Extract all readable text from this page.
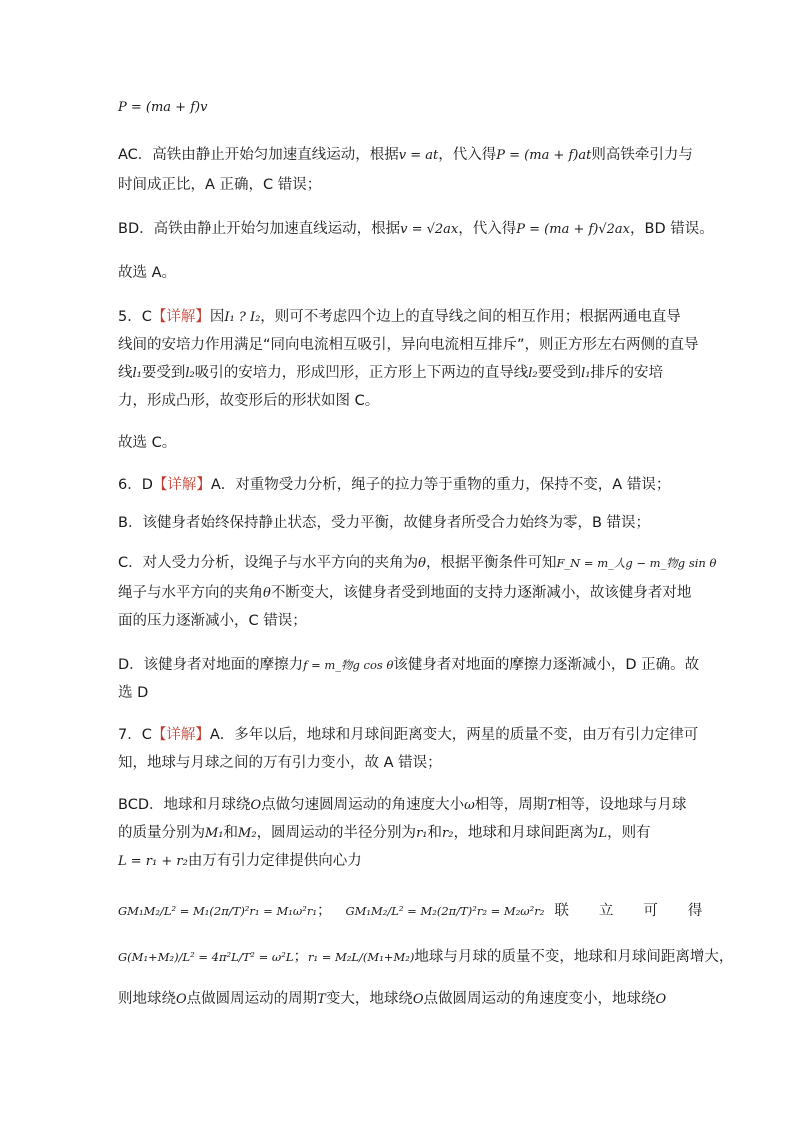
P = (ma + f)v
AC．高铁由静止开始匀加速直线运动，根据v = at，代入得P = (ma + f)at则高铁牵引力与
时间成正比，A 正确，C 错误；
BD．高铁由静止开始匀加速直线运动，根据v = √2ax，代入得P = (ma + f)√2ax，BD 错误。
故选 A。
5．C【详解】因I₁ ? I₂，则可不考虑四个边上的直导线之间的相互作用；根据两通电直导
线间的安培力作用满足“同向电流相互吸引，异向电流相互排斥”，则正方形左右两侧的直导
线l₁要受到l₂吸引的安培力，形成凹形，正方形上下两边的直导线l₂要受到l₁排斥的安培
力，形成凸形，故变形后的形状如图 C。
故选 C。
6．D【详解】A．对重物受力分析，绳子的拉力等于重物的重力，保持不变，A 错误；
B．该健身者始终保持静止状态，受力平衡，故健身者所受合力始终为零，B 错误；
C．对人受力分析，设绳子与水平方向的夹角为θ，根据平衡条件可知F_N = m_人g − m_物g sin θ
绳子与水平方向的夹角θ不断变大，该健身者受到地面的支持力逐渐减小，故该健身者对地
面的压力逐渐减小，C 错误；
D．该健身者对地面的摩擦力f = m_物g cos θ该健身者对地面的摩擦力逐渐减小，D 正确。故
选 D
7．C【详解】A．多年以后，地球和月球间距离变大，两星的质量不变，由万有引力定律可
知，地球与月球之间的万有引力变小，故 A 错误；
BCD．地球和月球绕O点做匀速圆周运动的角速度大小ω相等，周期T相等，设地球与月球
的质量分别为M₁和M₂，圆周运动的半径分别为r₁和r₂，地球和月球间距离为L，则有
L = r₁ + r₂由万有引力定律提供向心力
GM₁M₂/L² = M₁(2π/T)²r₁ = M₁ω²r₁； GM₁M₂/L² = M₂(2π/T)²r₂ = M₂ω²r₂ 联 立 可 得
G(M₁+M₂)/L² = 4π²L/T² = ω²L；r₁ = M₂L/(M₁+M₂)地球与月球的质量不变，地球和月球间距离增大，
则地球绕O点做圆周运动的周期T变大，地球绕O点做圆周运动的角速度变小，地球绕O
